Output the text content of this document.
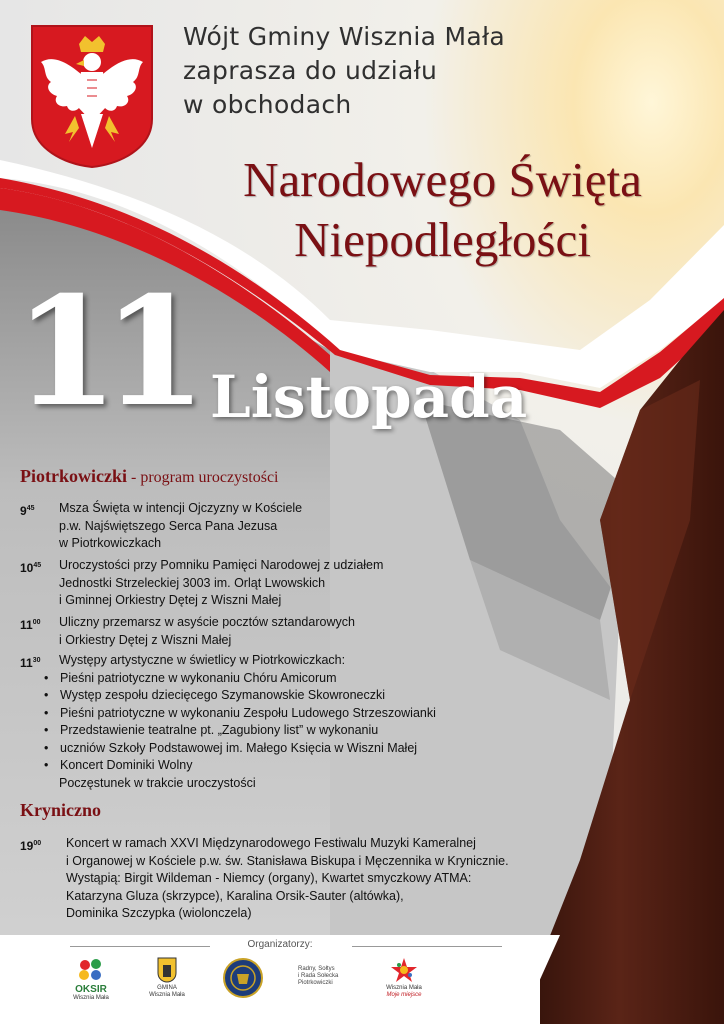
Wójt Gminy Wisznia Mała
zaprasza do udziału
w obchodach
Narodowego Święta
Niepodległości
11 Listopada
Piotrkowiczki - program uroczystości
$9^{45}$ Msza Święta w intencji Ojczyzny w Kościele
p.w. Najświętszego Serca Pana Jezusa
w Piotrkowiczkach
$10^{45}$ Uroczystości przy Pomniku Pamięci Narodowej z udziałem
Jednostki Strzeleckiej 3003 im. Orląt Lwowskich
i Gminnej Orkiestry Dętej z Wiszni Małej
$11^{00}$ Uliczny przemarsz w asyście pocztów sztandarowych
i Orkiestry Dętej z Wiszni Małej
$11^{30}$ Występy artystyczne w świetlicy w Piotrkowiczkach:
• Pieśni patriotyczne w wykonaniu Chóru Amicorum
• Występ zespołu dziecięcego Szymanowskie Skowroneczki
• Pieśni patriotyczne w wykonaniu Zespołu Ludowego Strzeszowianki
• Przedstawienie teatralne pt. „Zagubiony list” w wykonaniu
• uczniów Szkoły Podstawowej im. Małego Księcia w Wiszni Małej
• Koncert Dominiki Wolny
Poczęstunek w trakcie uroczystości
Kryniczno
$19^{00}$ Koncert w ramach XXVI Międzynarodowego Festiwalu Muzyki Kameralnej
i Organowej w Kościele p.w. św. Stanisława Biskupa i Męczennika w Krynicznie.
Wystąpią: Birgit Wildeman - Niemcy (organy), Kwartet smyczkowy ATMA:
Katarzyna Gluza (skrzypce), Karalina Orsik-Sauter (altówka),
Dominika Szczypka (wiolonczela)
Organizatorzy:
OKSIR
Wisznia Mała
GMINA
Wisznia Mała
Radny, Sołtys
i Rada Sołecka
Piotrkowiczki
Wisznia Mała
Moje miejsce
